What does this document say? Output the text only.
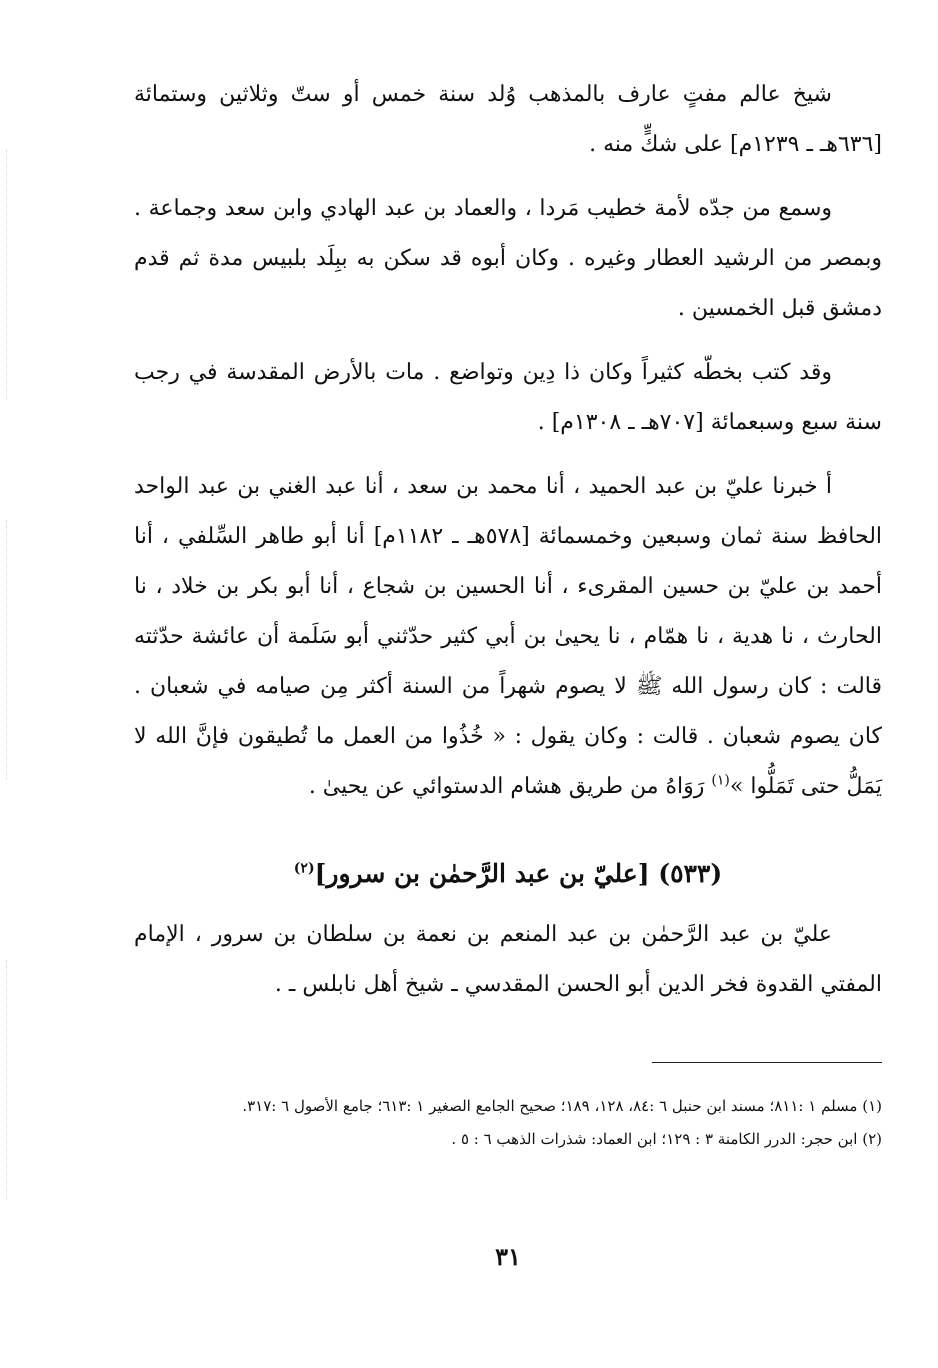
شيخ عالم مفتٍ عارف بالمذهب وُلد سنة خمس أو ستّ وثلاثين وستمائة [٦٣٦هـ ـ ١٢٣٩م] على شكٍّ منه .

وسمع من جدّه لأمة خطيب مَردا ، والعماد بن عبد الهادي وابن سعد وجماعة . وبمصر من الرشيد العطار وغيره . وكان أبوه قد سكن به ببِلَد بلبيس مدة ثم قدم دمشق قبل الخمسين .

وقد كتب بخطّه كثيراً وكان ذا دِين وتواضع . مات بالأرض المقدسة في رجب سنة سبع وسبعمائة [٧٠٧هـ ـ ١٣٠٨م] .

أ خبرنا عليّ بن عبد الحميد ، أنا محمد بن سعد ، أنا عبد الغني بن عبد الواحد الحافظ سنة ثمان وسبعين وخمسمائة [٥٧٨هـ ـ ١١٨٢م] أنا أبو طاهر السِّلفي ، أنا أحمد بن عليّ بن حسين المقرىء ، أنا الحسين بن شجاع ، أنا أبو بكر بن خلاد ، نا الحارث ، نا هدية ، نا همّام ، نا يحيىٰ بن أبي كثير حدّثني أبو سَلَمة أن عائشة حدّثته قالت : كان رسول الله ﷺ لا يصوم شهراً من السنة أكثر مِن صيامه في شعبان . كان يصوم شعبان . قالت : وكان يقول : « خُذُوا من العمل ما تُطيقون فإنَّ الله لا يَمَلُّ حتى تَمَلُّوا »$^{(١)}$ رَوَاهُ من طريق هشام الدستوائي عن يحيىٰ .

(٥٣٣) [عليّ بن عبد الرَّحمٰن بن سرور]$^{(٢)}$

عليّ بن عبد الرَّحمٰن بن عبد المنعم بن نعمة بن سلطان بن سرور ، الإمام المفتي القدوة فخر الدين أبو الحسن المقدسي ـ شيخ أهل نابلس ـ .

(١) مسلم ١ :٨١١؛ مسند ابن حنبل ٦ :٨٤، ١٢٨، ١٨٩؛ صحيح الجامع الصغير ١ :٦١٣؛ جامع الأصول ٦ :٣١٧.

(٢) ابن حجر: الدرر الكامنة ٣ : ١٢٩؛ ابن العماد: شذرات الذهب ٦ : ٥ .

٣١
